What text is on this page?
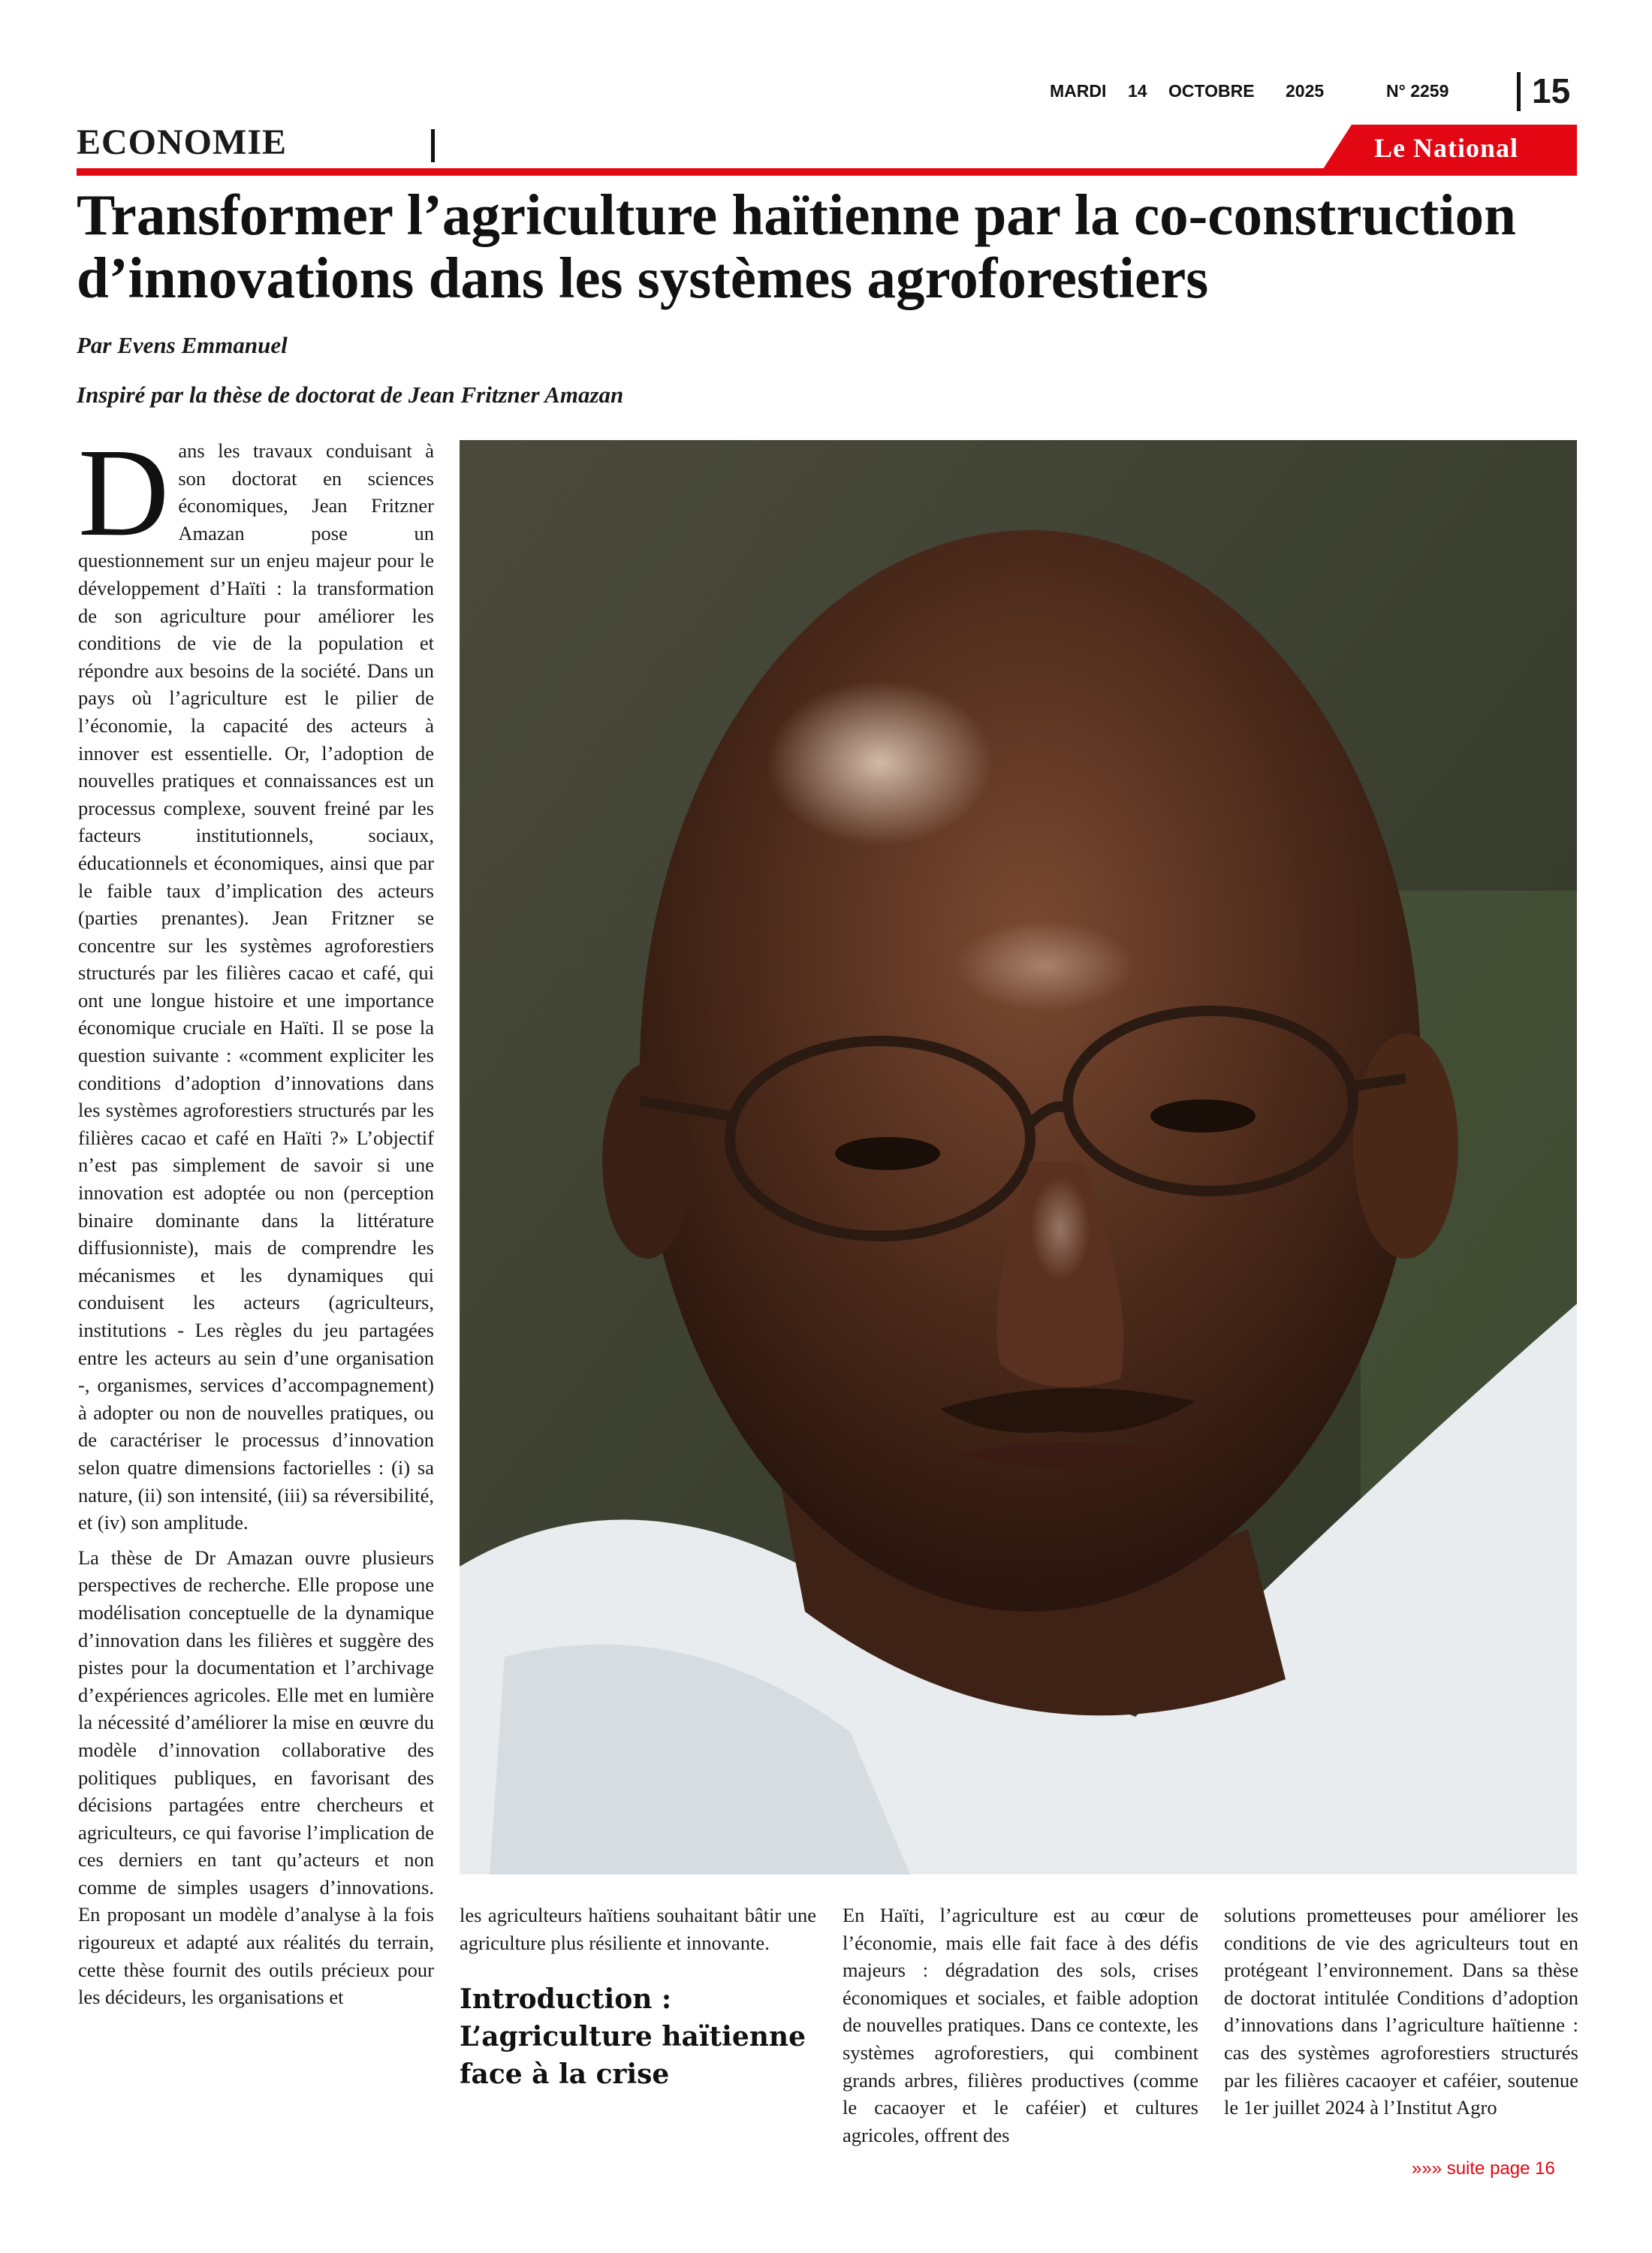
MARDI 14 OCTOBRE 2025	N° 2259 15
ECONOMIE	Le National
Transformer l’agriculture haïtienne par la co-construction d’innovations dans les systèmes agroforestiers
Par Evens Emmanuel
Inspiré par la thèse de doctorat de Jean Fritzner Amazan

Dans les travaux conduisant à son doctorat en sciences économiques, Jean Fritzner Amazan pose un questionnement sur un enjeu majeur pour le développement d’Haïti : la transformation de son agriculture pour améliorer les conditions de vie de la population et répondre aux besoins de la société. Dans un pays où l’agriculture est le pilier de l’économie, la capacité des acteurs à innover est essentielle. Or, l’adoption de nouvelles pratiques et connaissances est un processus complexe, souvent freiné par les facteurs institutionnels, sociaux, éducationnels et économiques, ainsi que par le faible taux d’implication des acteurs (parties prenantes). Jean Fritzner se concentre sur les systèmes agroforestiers structurés par les filières cacao et café, qui ont une longue histoire et une importance économique cruciale en Haïti. Il se pose la question suivante : «comment expliciter les conditions d’adoption d’innovations dans les systèmes agroforestiers structurés par les filières cacao et café en Haïti ?» L’objectif n’est pas simplement de savoir si une innovation est adoptée ou non (perception binaire dominante dans la littérature diffusionniste), mais de comprendre les mécanismes et les dynamiques qui conduisent les acteurs (agriculteurs, institutions - Les règles du jeu partagées entre les acteurs au sein d’une organisation -, organismes, services d’accompagnement) à adopter ou non de nouvelles pratiques, ou de caractériser le processus d’innovation selon quatre dimensions factorielles : (i) sa nature, (ii) son intensité, (iii) sa réversibilité, et (iv) son amplitude.

La thèse de Dr Amazan ouvre plusieurs perspectives de recherche. Elle propose une modélisation conceptuelle de la dynamique d’innovation dans les filières et suggère des pistes pour la documentation et l’archivage d’expériences agricoles. Elle met en lumière la nécessité d’améliorer la mise en œuvre du modèle d’innovation collaborative des politiques publiques, en favorisant des décisions partagées entre chercheurs et agriculteurs, ce qui favorise l’implication de ces derniers en tant qu’acteurs et non comme de simples usagers d’innovations. En proposant un modèle d’analyse à la fois rigoureux et adapté aux réalités du terrain, cette thèse fournit des outils précieux pour les décideurs, les organisations et

les agriculteurs haïtiens souhaitant bâtir une agriculture plus résiliente et innovante.

Introduction : L’agriculture haïtienne face à la crise

En Haïti, l’agriculture est au cœur de l’économie, mais elle fait face à des défis majeurs : dégradation des sols, crises économiques et sociales, et faible adoption de nouvelles pratiques. Dans ce contexte, les systèmes agroforestiers, qui combinent grands arbres, filières productives (comme le cacaoyer et le caféier) et cultures agricoles, offrent des

solutions prometteuses pour améliorer les conditions de vie des agriculteurs tout en protégeant l’environnement. Dans sa thèse de doctorat intitulée Conditions d’adoption d’innovations dans l’agriculture haïtienne : cas des systèmes agroforestiers structurés par les filières cacaoyer et caféier, soutenue le 1er juillet 2024 à l’Institut Agro

»»» suite page 16
